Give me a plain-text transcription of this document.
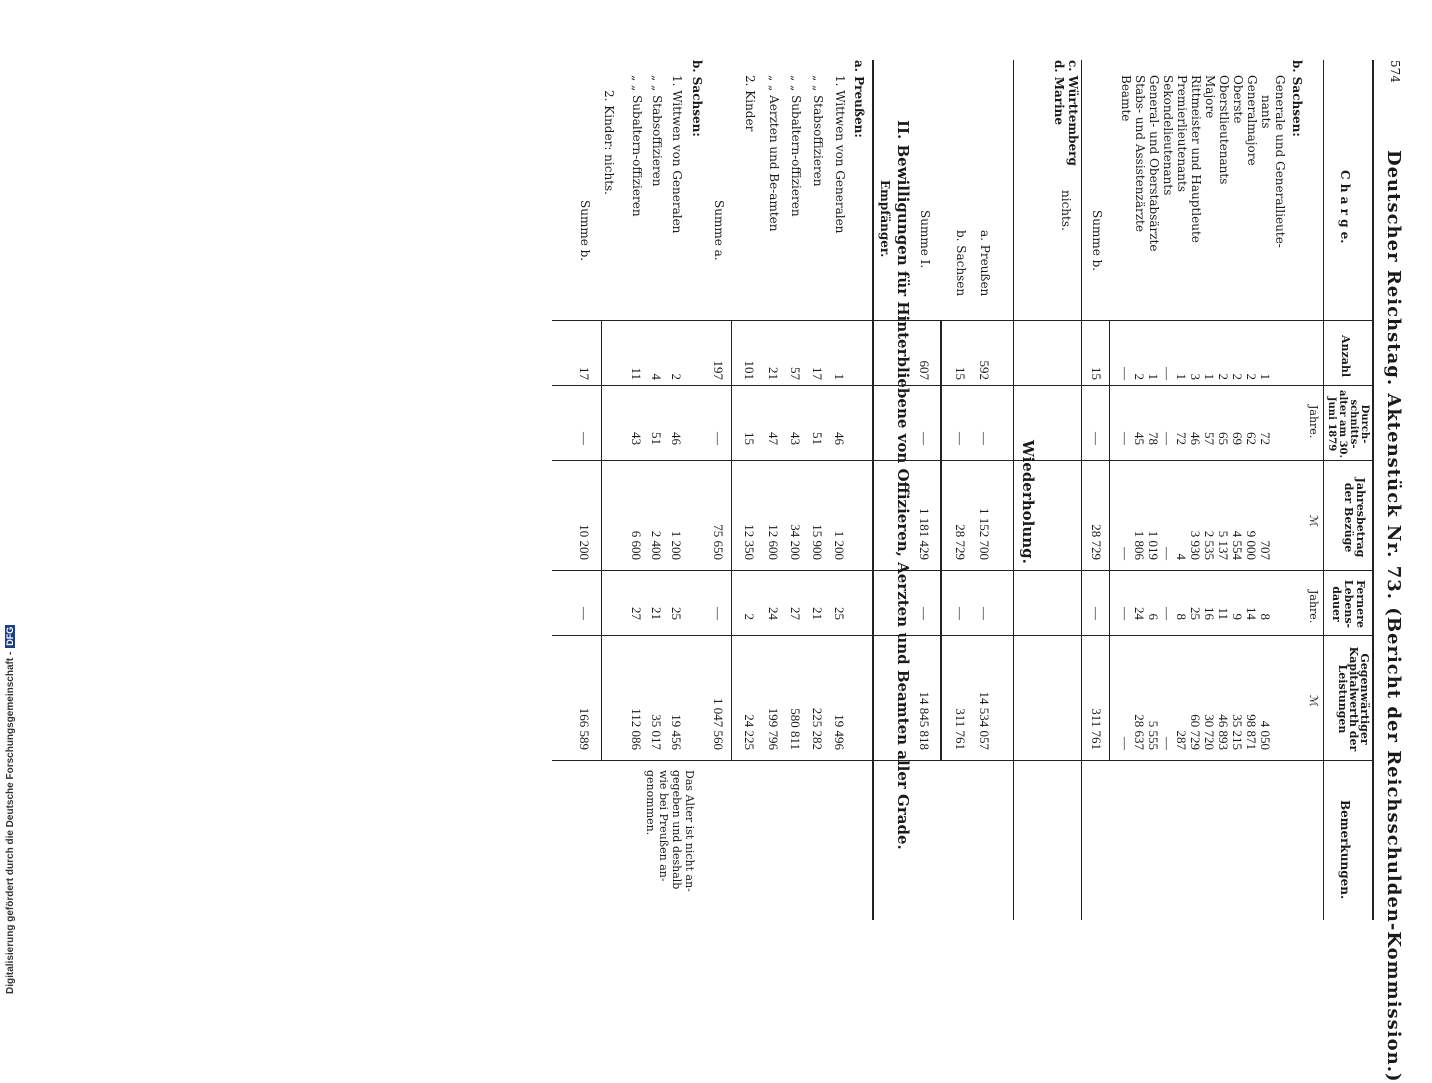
Digitalisierung gefördert durch die Deutsche Forschungsgemeinschaft -DFG
574
Deutscher Reichstag. Aktenstück Nr. 73. (Bericht der Reichsschulden-Kommission.)
C h a r g e.
Anzahl
Durch-schnitts-alter am 30. Juni 1879
Jahre.
Jahresbetrag der Bezüge
ℳ
Fernere Lebens-dauer
Jahre.
Gegenwärtiger Kapitalwerth der Leistungen
ℳ
Bemerkungen.
b. Sachsen:
Generale und Generallieute-
nants
1
72
707
8
4 050
Generalmajore
2
62
9 000
14
98 871
Oberste
2
69
4 554
9
35 215
Oberstlieutenants
2
65
5 137
11
46 893
Majore
1
57
2 535
16
30 720
Rittmeister und Hauptleute
3
46
3 930
25
60 729
Premierlieutenants
1
72
4
8
287
Sekondelieutenants
—
—
—
—
—
General- und Oberstabsärzte
1
78
1 019
6
5 555
Stabs- und Assistenzärzte
2
45
1 806
24
28 637
Beamte
—
—
—
—
—
Summe b.
15
—
28 729
—
311 761
c. Württemberg
d. Marine
nichts.
Wiederholung.
a. Preußen
592
—
1 152 700
—
14 534 057
b. Sachsen
15
—
28 729
—
311 761
Summe I.
607
—
1 181 429
—
14 845 818
II. Bewilligungen für Hinterbliebene von Offizieren, Aerzten und Beamten aller Grade.
Empfänger.
a. Preußen:
1. Wittwen von Generalen
1
46
1 200
25
19 496
„ „ Stabsoffizieren
17
51
15 900
21
225 282
„ „ Subaltern-offizieren
57
43
34 200
27
580 811
„ „ Aerzten und Be-amten
21
47
12 600
24
199 796
2. Kinder
101
15
12 350
2
24 225
Summe a.
197
—
75 650
—
1 047 560
b. Sachsen:
1. Wittwen von Generalen
2
46
1 200
25
19 456
„ „ Stabsoffizieren
4
51
2 400
21
35 017
„ „ Subaltern-offizieren
11
43
6 600
27
112 086
2. Kinder: nichts.
Summe b.
17
—
10 200
—
166 589
Das Alter ist nicht an-gegeben und deshalb wie bei Preußen an-genommen.
